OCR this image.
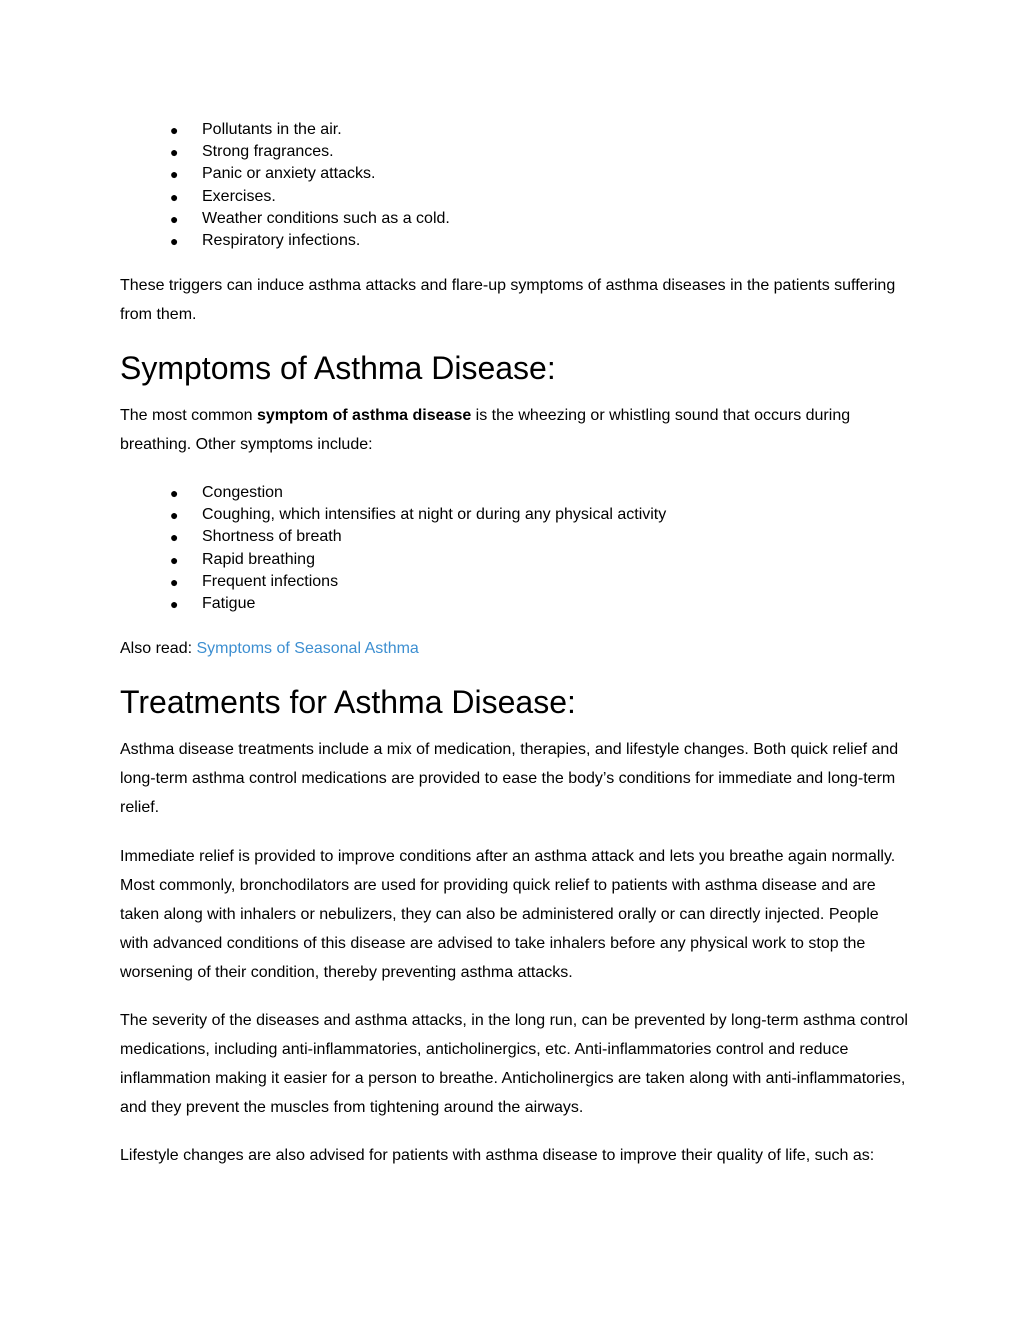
● Pollutants in the air.
● Strong fragrances.
● Panic or anxiety attacks.
● Exercises.
● Weather conditions such as a cold.
● Respiratory infections.

These triggers can induce asthma attacks and flare-up symptoms of asthma diseases in the patients suffering from them.

Symptoms of Asthma Disease:

The most common symptom of asthma disease is the wheezing or whistling sound that occurs during breathing. Other symptoms include:

● Congestion
● Coughing, which intensifies at night or during any physical activity
● Shortness of breath
● Rapid breathing
● Frequent infections
● Fatigue

Also read: Symptoms of Seasonal Asthma

Treatments for Asthma Disease:

Asthma disease treatments include a mix of medication, therapies, and lifestyle changes. Both quick relief and long-term asthma control medications are provided to ease the body’s conditions for immediate and long-term relief.

Immediate relief is provided to improve conditions after an asthma attack and lets you breathe again normally. Most commonly, bronchodilators are used for providing quick relief to patients with asthma disease and are taken along with inhalers or nebulizers, they can also be administered orally or can directly injected. People with advanced conditions of this disease are advised to take inhalers before any physical work to stop the worsening of their condition, thereby preventing asthma attacks.

The severity of the diseases and asthma attacks, in the long run, can be prevented by long-term asthma control medications, including anti-inflammatories, anticholinergics, etc. Anti-inflammatories control and reduce inflammation making it easier for a person to breathe. Anticholinergics are taken along with anti-inflammatories, and they prevent the muscles from tightening around the airways.

Lifestyle changes are also advised for patients with asthma disease to improve their quality of life, such as:
